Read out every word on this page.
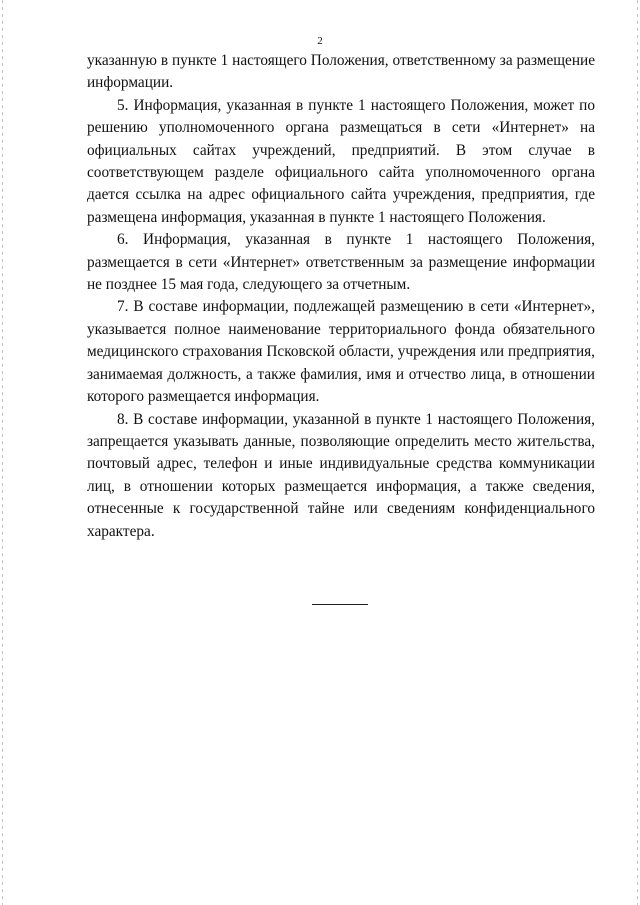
2

указанную в пункте 1 настоящего Положения, ответственному за размещение информации.

5. Информация, указанная в пункте 1 настоящего Положения, может по решению уполномоченного органа размещаться в сети «Интернет» на официальных сайтах учреждений, предприятий. В этом случае в соответствующем разделе официального сайта уполномоченного органа дается ссылка на адрес официального сайта учреждения, предприятия, где размещена информация, указанная в пункте 1 настоящего Положения.

6. Информация, указанная в пункте 1 настоящего Положения, размещается в сети «Интернет» ответственным за размещение информации не позднее 15 мая года, следующего за отчетным.

7. В составе информации, подлежащей размещению в сети «Интернет», указывается полное наименование территориального фонда обязательного медицинского страхования Псковской области, учреждения или предприятия, занимаемая должность, а также фамилия, имя и отчество лица, в отношении которого размещается информация.

8. В составе информации, указанной в пункте 1 настоящего Положения, запрещается указывать данные, позволяющие определить место жительства, почтовый адрес, телефон и иные индивидуальные средства коммуникации лиц, в отношении которых размещается информация, а также сведения, отнесенные к государственной тайне или сведениям конфиденциального характера.
